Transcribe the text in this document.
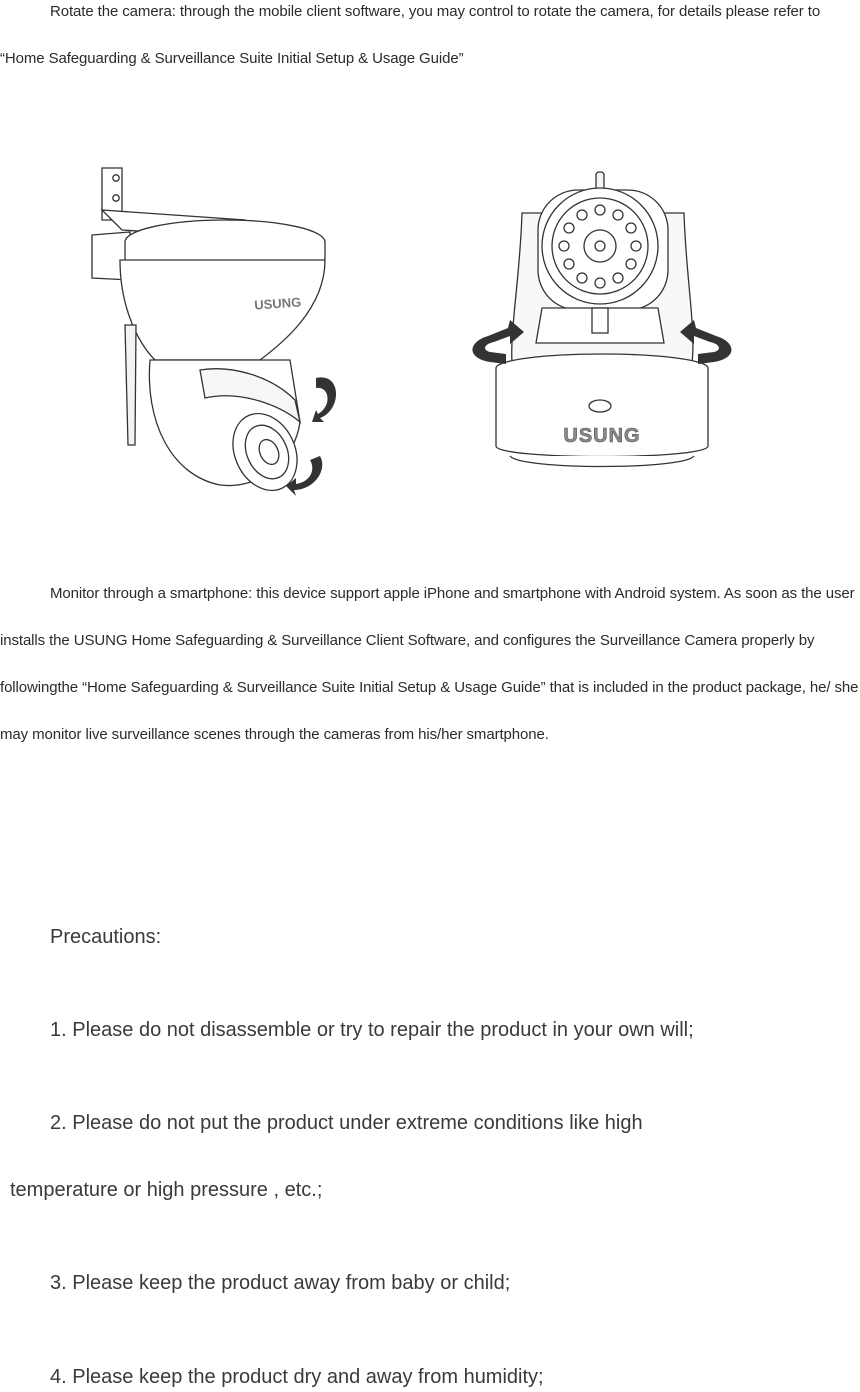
Rotate the camera: through the mobile client software, you may control to rotate the camera, for details please refer to “Home Safeguarding & Surveillance Suite Initial Setup & Usage Guide”

USUNG
USUNG

Monitor through a smartphone: this device support apple iPhone and smartphone with Android system. As soon as the user installs the USUNG Home Safeguarding & Surveillance Client Software, and configures the Surveillance Camera properly by followingthe “Home Safeguarding & Surveillance Suite Initial Setup & Usage Guide” that is included in the product package, he/ she may monitor live surveillance scenes through the cameras from his/her smartphone.

Precautions:

1. Please do not disassemble or try to repair the product in your own will;

2. Please do not put the product under extreme conditions like high

temperature or high pressure , etc.;

3. Please keep the product away from baby or child;

4. Please keep the product dry and away from humidity;
